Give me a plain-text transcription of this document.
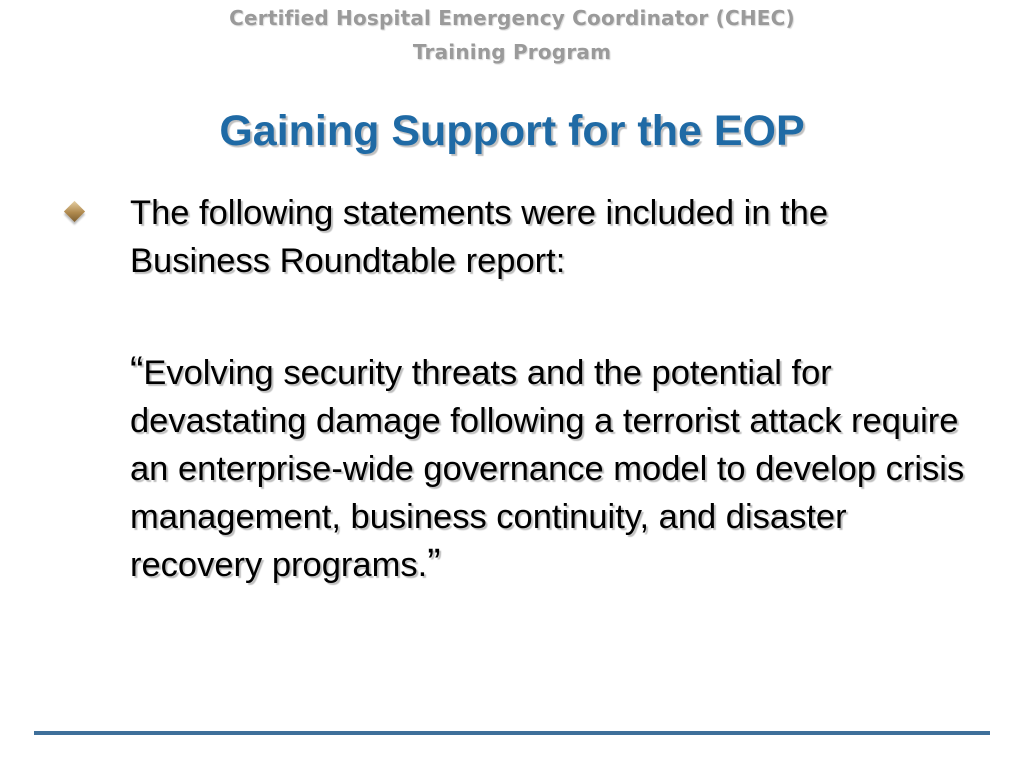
Certified Hospital Emergency Coordinator (CHEC)
Training Program
Gaining Support for the EOP

The following statements were included in the Business Roundtable report:

“Evolving security threats and the potential for devastating damage following a terrorist attack require an enterprise-wide governance model to develop crisis management, business continuity, and disaster recovery programs.”
